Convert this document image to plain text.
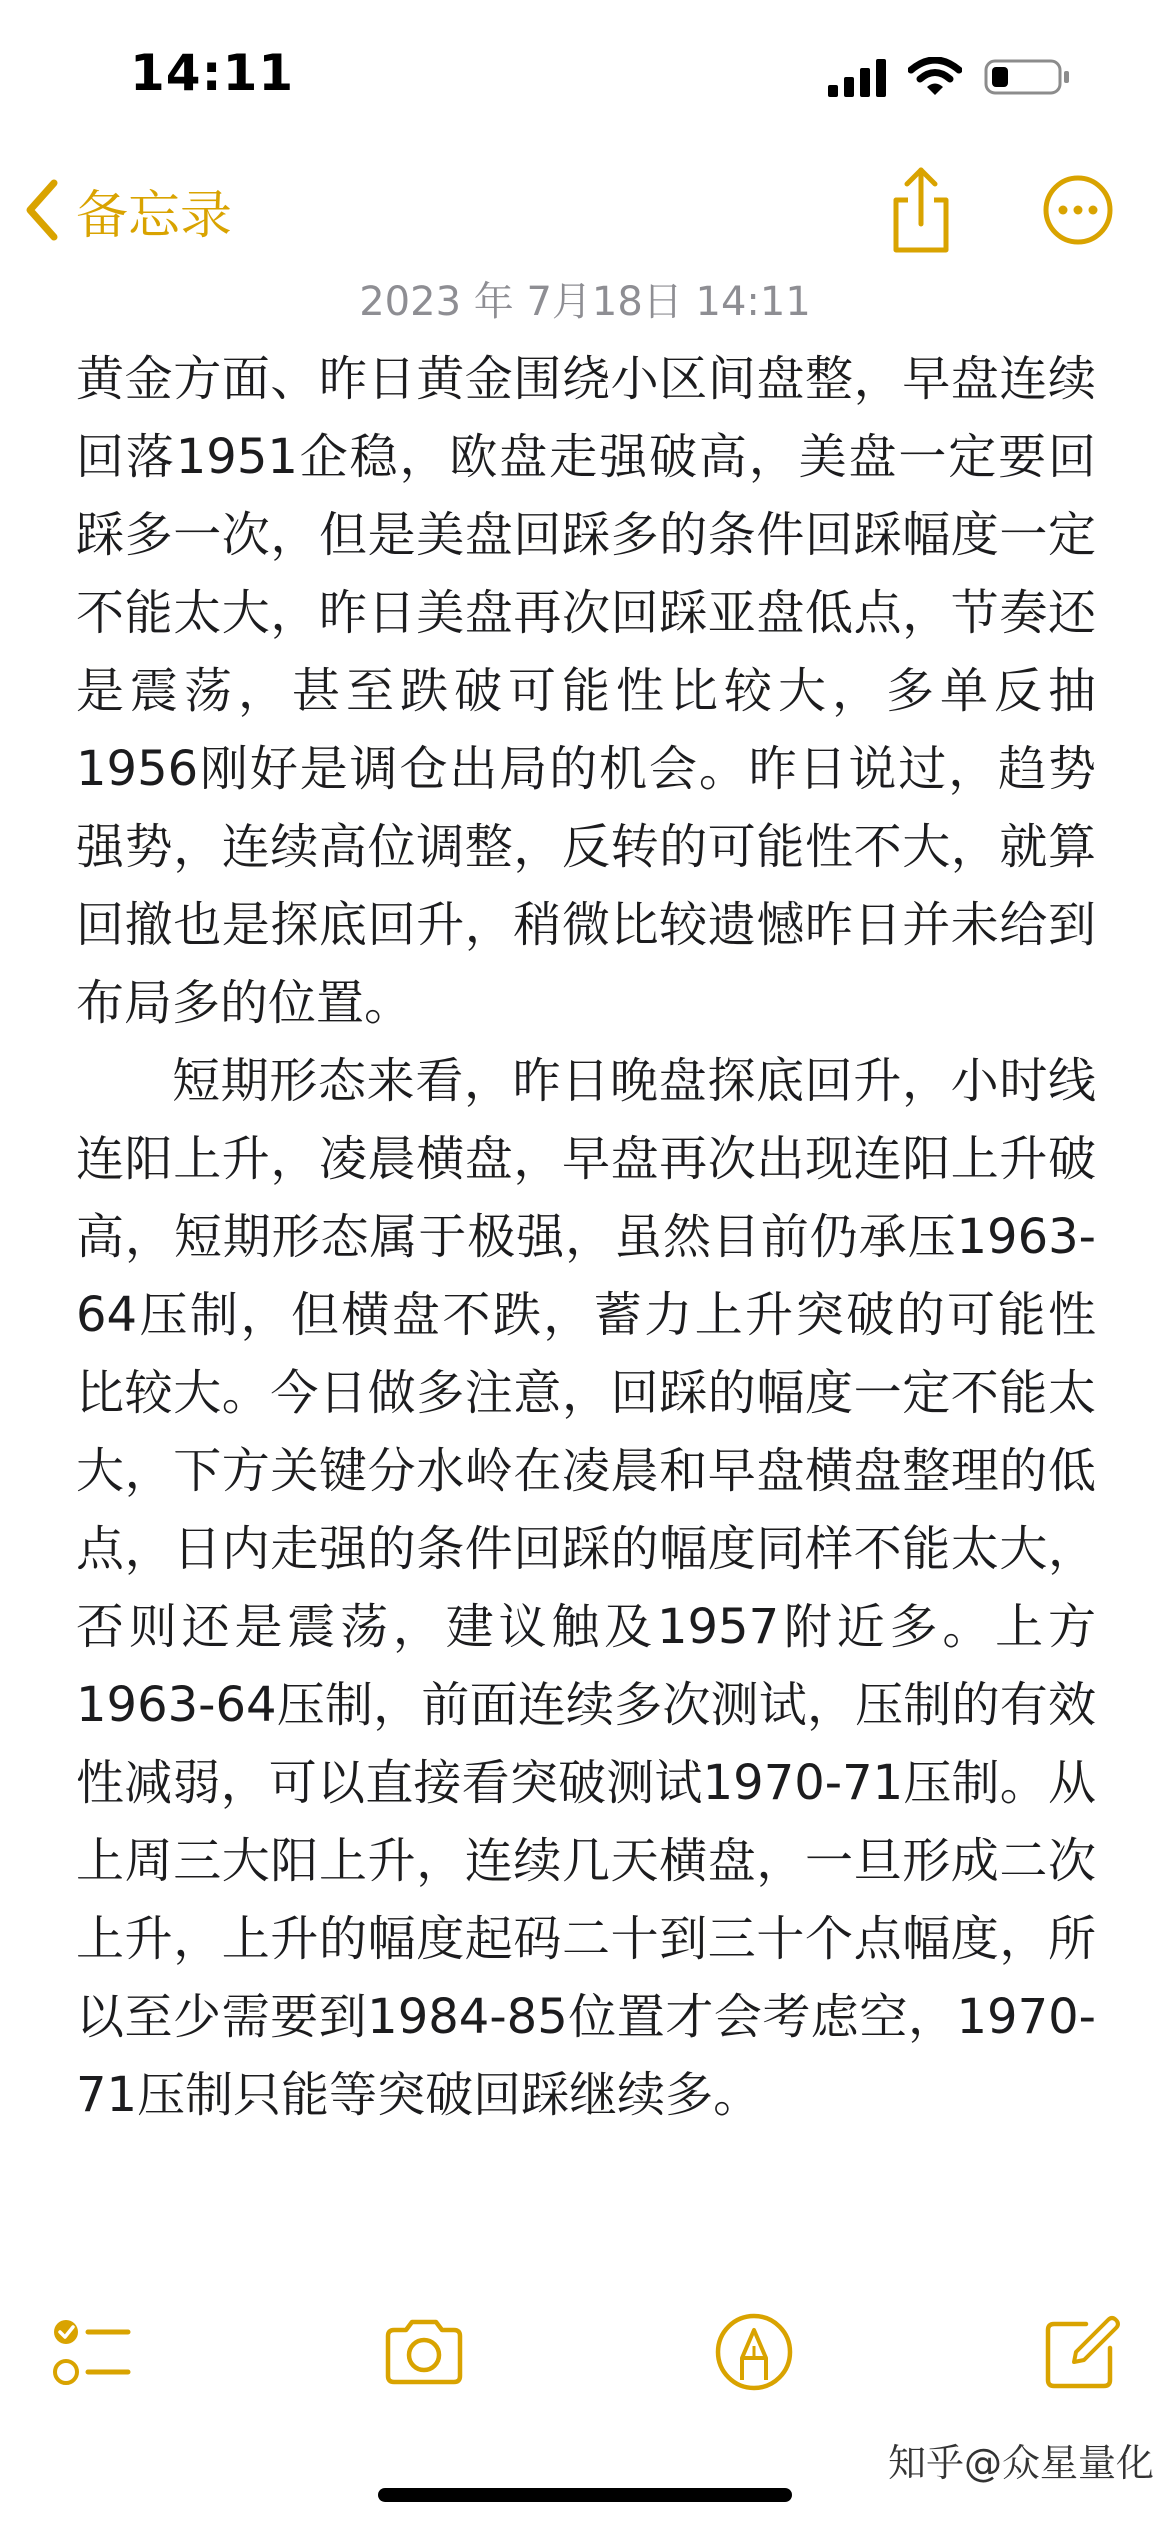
14:11
备忘录
2023 年 7月18日 14:11

黄金方面、昨日黄金围绕小区间盘整，早盘连续回落1951企稳，欧盘走强破高，美盘一定要回踩多一次，但是美盘回踩多的条件回踩幅度一定不能太大，昨日美盘再次回踩亚盘低点，节奏还是震荡，甚至跌破可能性比较大，多单反抽1956刚好是调仓出局的机会。昨日说过，趋势强势，连续高位调整，反转的可能性不大，就算回撤也是探底回升，稍微比较遗憾昨日并未给到布局多的位置。

短期形态来看，昨日晚盘探底回升，小时线连阳上升，凌晨横盘，早盘再次出现连阳上升破高，短期形态属于极强，虽然目前仍承压1963-64压制，但横盘不跌，蓄力上升突破的可能性比较大。今日做多注意，回踩的幅度一定不能太大，下方关键分水岭在凌晨和早盘横盘整理的低点，日内走强的条件回踩的幅度同样不能太大，否则还是震荡，建议触及1957附近多。上方1963-64压制，前面连续多次测试，压制的有效性减弱，可以直接看突破测试1970-71压制。从上周三大阳上升，连续几天横盘，一旦形成二次上升，上升的幅度起码二十到三十个点幅度，所以至少需要到1984-85位置才会考虑空，1970-71压制只能等突破回踩继续多。

知乎@众星量化
